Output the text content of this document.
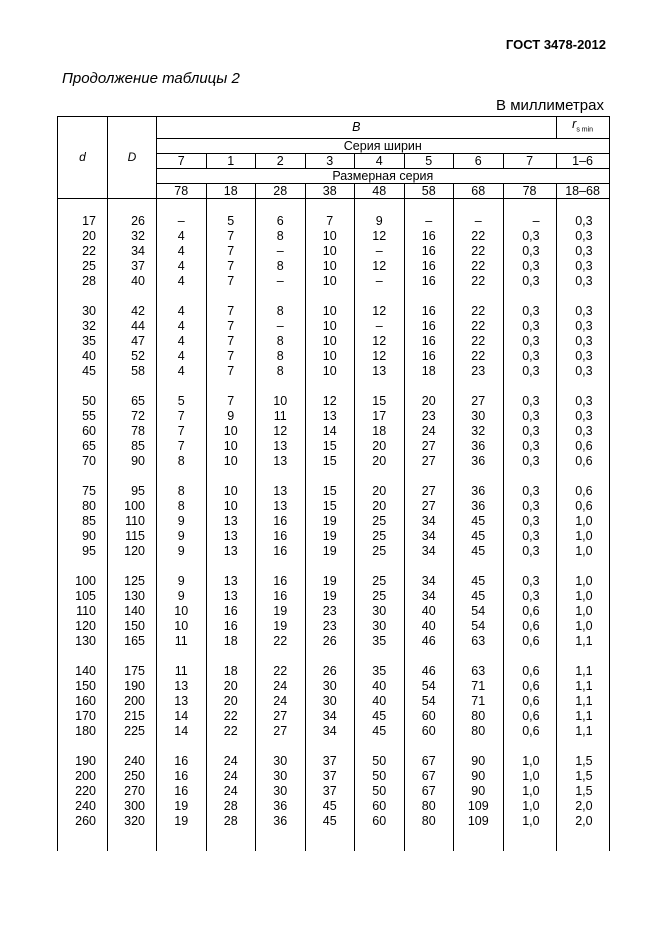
ГОСТ 3478-2012
Продолжение таблицы 2
В миллиметрах
d	D	B								$r_{s min}$
		Серия ширин								
		7	1	2	3	4	5	6	7	1–6
		Размерная серия								
		78	18	28	38	48	58	68	78	18–68

17	26	–	5	6	7	9	–	–	–	0,3
20	32	4	7	8	10	12	16	22	0,3	0,3
22	34	4	7	–	10	–	16	22	0,3	0,3
25	37	4	7	8	10	12	16	22	0,3	0,3
28	40	4	7	–	10	–	16	22	0,3	0,3

30	42	4	7	8	10	12	16	22	0,3	0,3
32	44	4	7	–	10	–	16	22	0,3	0,3
35	47	4	7	8	10	12	16	22	0,3	0,3
40	52	4	7	8	10	12	16	22	0,3	0,3
45	58	4	7	8	10	13	18	23	0,3	0,3

50	65	5	7	10	12	15	20	27	0,3	0,3
55	72	7	9	11	13	17	23	30	0,3	0,3
60	78	7	10	12	14	18	24	32	0,3	0,3
65	85	7	10	13	15	20	27	36	0,3	0,6
70	90	8	10	13	15	20	27	36	0,3	0,6

75	95	8	10	13	15	20	27	36	0,3	0,6
80	100	8	10	13	15	20	27	36	0,3	0,6
85	110	9	13	16	19	25	34	45	0,3	1,0
90	115	9	13	16	19	25	34	45	0,3	1,0
95	120	9	13	16	19	25	34	45	0,3	1,0

100	125	9	13	16	19	25	34	45	0,3	1,0
105	130	9	13	16	19	25	34	45	0,3	1,0
110	140	10	16	19	23	30	40	54	0,6	1,0
120	150	10	16	19	23	30	40	54	0,6	1,0
130	165	11	18	22	26	35	46	63	0,6	1,1

140	175	11	18	22	26	35	46	63	0,6	1,1
150	190	13	20	24	30	40	54	71	0,6	1,1
160	200	13	20	24	30	40	54	71	0,6	1,1
170	215	14	22	27	34	45	60	80	0,6	1,1
180	225	14	22	27	34	45	60	80	0,6	1,1

190	240	16	24	30	37	50	67	90	1,0	1,5
200	250	16	24	30	37	50	67	90	1,0	1,5
220	270	16	24	30	37	50	67	90	1,0	1,5
240	300	19	28	36	45	60	80	109	1,0	2,0
260	320	19	28	36	45	60	80	109	1,0	2,0
